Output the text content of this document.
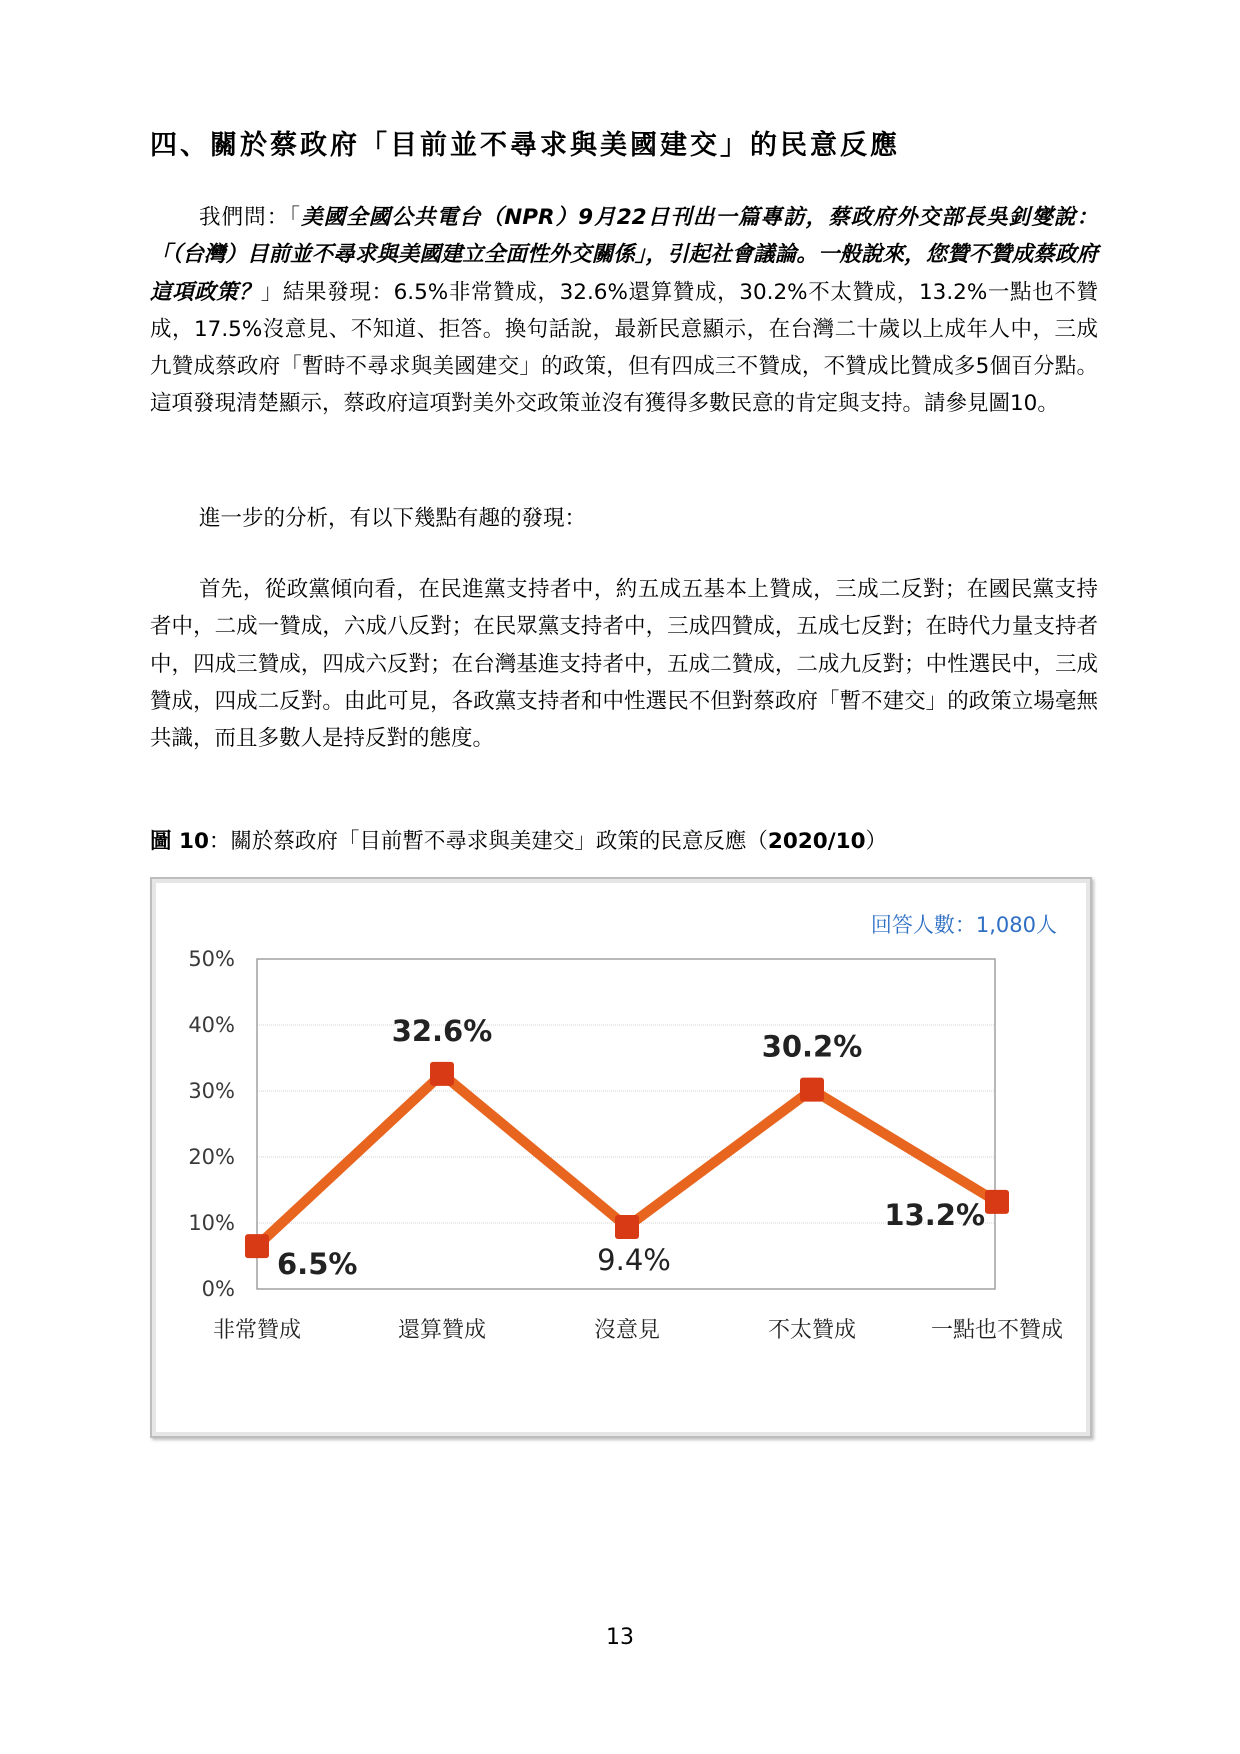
四、關於蔡政府「目前並不尋求與美國建交」的民意反應

我們問：「美國全國公共電台（NPR）9月22日刊出一篇專訪，蔡政府外交部長吳釗燮說：「（台灣）目前並不尋求與美國建立全面性外交關係」，引起社會議論。一般說來，您贊不贊成蔡政府這項政策？」結果發現：6.5%非常贊成，32.6%還算贊成，30.2%不太贊成，13.2%一點也不贊成，17.5%沒意見、不知道、拒答。換句話說，最新民意顯示，在台灣二十歲以上成年人中，三成九贊成蔡政府「暫時不尋求與美國建交」的政策，但有四成三不贊成，不贊成比贊成多5個百分點。這項發現清楚顯示，蔡政府這項對美外交政策並沒有獲得多數民意的肯定與支持。請參見圖10。

進一步的分析，有以下幾點有趣的發現：

首先，從政黨傾向看，在民進黨支持者中，約五成五基本上贊成，三成二反對；在國民黨支持者中，二成一贊成，六成八反對；在民眾黨支持者中，三成四贊成，五成七反對；在時代力量支持者中，四成三贊成，四成六反對；在台灣基進支持者中，五成二贊成，二成九反對；中性選民中，三成贊成，四成二反對。由此可見，各政黨支持者和中性選民不但對蔡政府「暫不建交」的政策立場毫無共識，而且多數人是持反對的態度。

圖 10：關於蔡政府「目前暫不尋求與美建交」政策的民意反應（2020/10）
回答人數：1,080人
0%
10%
20%
30%
40%
50%
6.5%
32.6%
9.4%
30.2%
13.2%
非常贊成	還算贊成	沒意見	不太贊成	一點也不贊成
13
